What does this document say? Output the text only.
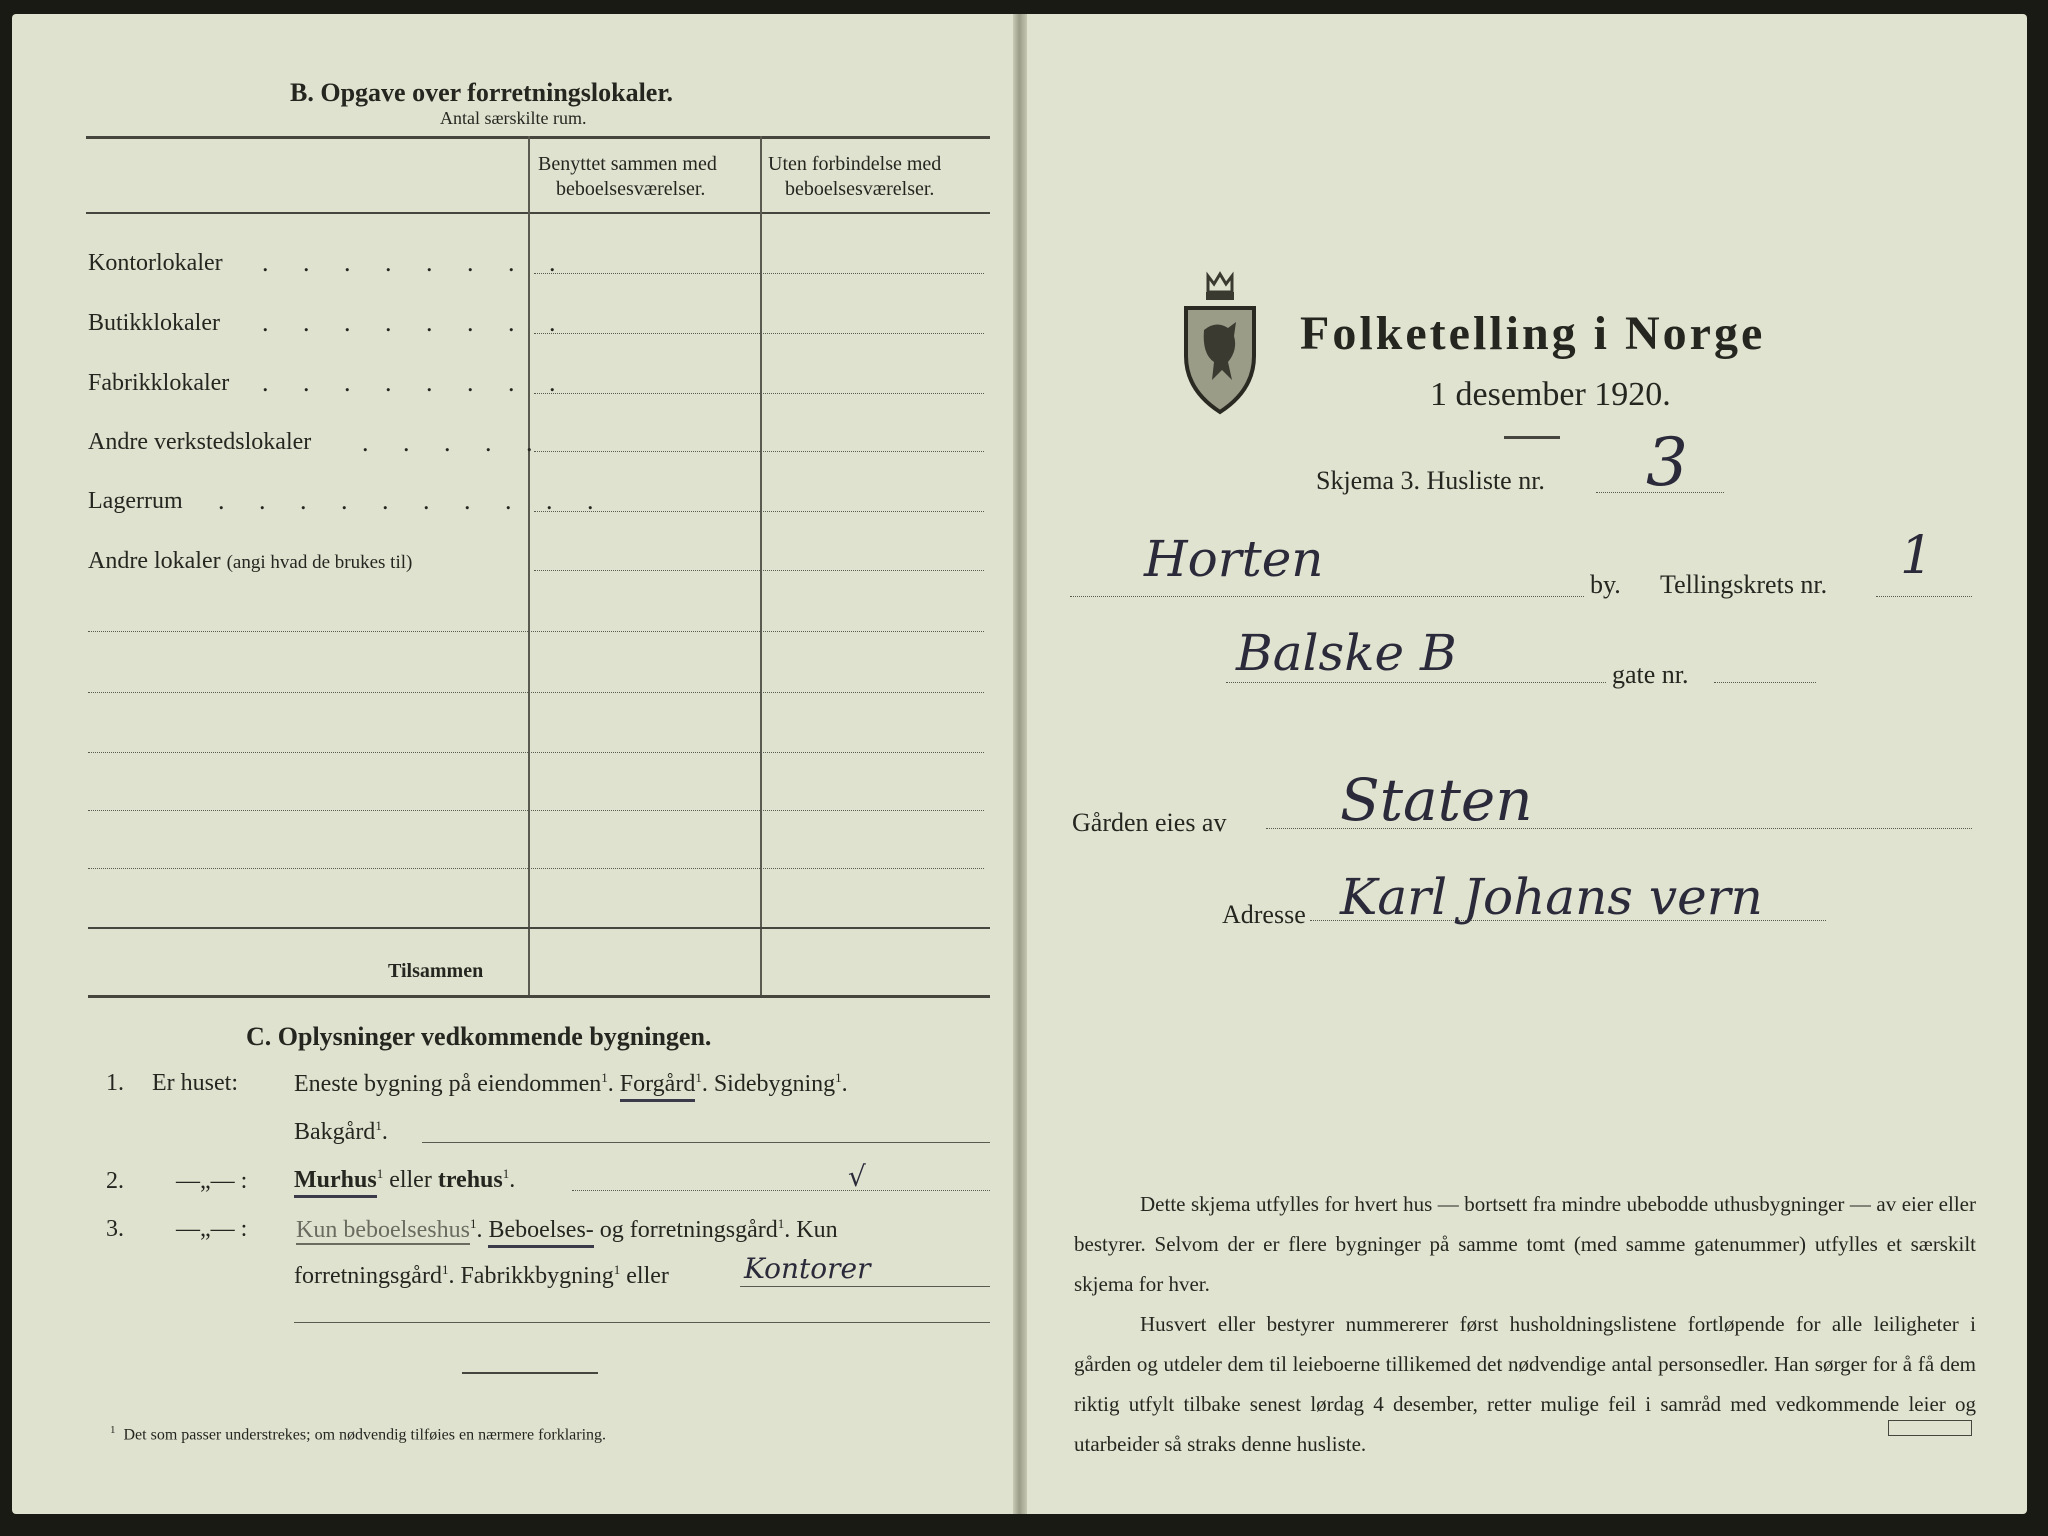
B. Opgave over forretningslokaler.
Antal særskilte rum.
Benyttet sammen med
beboelsesværelser.
Uten forbindelse med
beboelsesværelser.
Kontorlokaler . . . . . . . .
Butikklokaler . . . . . . . .
Fabrikklokaler . . . . . . . .
Andre verkstedslokaler . . . . .
Lagerrum . . . . . . . . . .
Andre lokaler (angi hvad de brukes til)
Tilsammen
C. Oplysninger vedkommende bygningen.
1. Er huset: Eneste bygning på eiendommen$^1$. Forgård$^1$. Sidebygning$^1$.
Bakgård$^1$.
2. —„— : Murhus$^1$ eller trehus$^1$.	√
3. —„— : Kun beboelseshus$^1$. Beboelses- og forretningsgård$^1$. Kun
forretningsgård$^1$. Fabrikkbygning$^1$ eller	Kontorer
$^1$ Det som passer understrekes; om nødvendig tilføies en nærmere forklaring.
Folketelling i Norge
1 desember 1920.
Skjema 3. Husliste nr. 3
Horten	by. Tellingskrets nr. 1
Balske B	gate nr.
Gården eies av Staten
Adresse Karl Johans vern

Dette skjema utfylles for hvert hus — bortsett fra mindre ubebodde uthusbygninger — av eier eller bestyrer. Selvom der er flere bygninger på samme tomt (med samme gatenummer) utfylles et særskilt skjema for hver.

Husvert eller bestyrer nummererer først husholdningslistene fortløpende for alle leiligheter i gården og utdeler dem til leieboerne tillikemed det nødvendige antal personsedler. Han sørger for å få dem riktig utfylt tilbake senest lørdag 4 desember, retter mulige feil i samråd med vedkommende leier og utarbeider så straks denne husliste.
